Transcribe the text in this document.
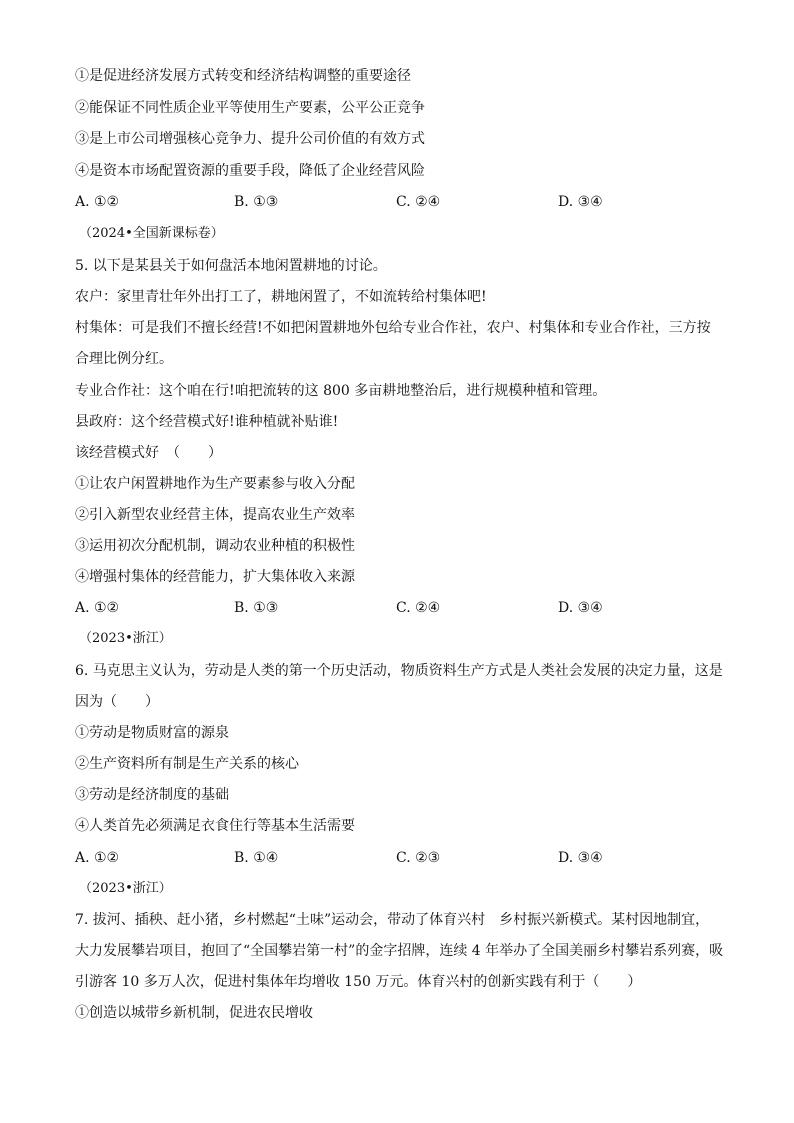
①是促进经济发展方式转变和经济结构调整的重要途径
②能保证不同性质企业平等使用生产要素，公平公正竞争
③是上市公司增强核心竞争力、提升公司价值的有效方式
④是资本市场配置资源的重要手段，降低了企业经营风险
A. ①②	B. ①③	C. ②④	D. ③④
（2024•全国新课标卷）
5. 以下是某县关于如何盘活本地闲置耕地的讨论。
农户：家里青壮年外出打工了，耕地闲置了，不如流转给村集体吧!
村集体：可是我们不擅长经营!不如把闲置耕地外包给专业合作社，农户、村集体和专业合作社，三方按
合理比例分红。
专业合作社：这个咱在行!咱把流转的这 800 多亩耕地整治后，进行规模种植和管理。
县政府：这个经营模式好!谁种植就补贴谁!
该经营模式好　（　　）
①让农户闲置耕地作为生产要素参与收入分配
②引入新型农业经营主体，提高农业生产效率
③运用初次分配机制，调动农业种植的积极性
④增强村集体的经营能力，扩大集体收入来源
A. ①②	B. ①③	C. ②④	D. ③④
（2023•浙江）
6. 马克思主义认为，劳动是人类的第一个历史活动，物质资料生产方式是人类社会发展的决定力量，这是
因为（　　）
①劳动是物质财富的源泉
②生产资料所有制是生产关系的核心
③劳动是经济制度的基础
④人类首先必须满足衣食住行等基本生活需要
A. ①②	B. ①④	C. ②③	D. ③④
（2023•浙江）
7. 拔河、插秧、赶小猪，乡村燃起“土味”运动会，带动了体育兴村　乡村振兴新模式。某村因地制宜，
大力发展攀岩项目，抱回了“全国攀岩第一村”的金字招牌，连续 4 年举办了全国美丽乡村攀岩系列赛，吸
引游客 10 多万人次，促进村集体年均增收 150 万元。体育兴村的创新实践有利于（　　）
①创造以城带乡新机制，促进农民增收
